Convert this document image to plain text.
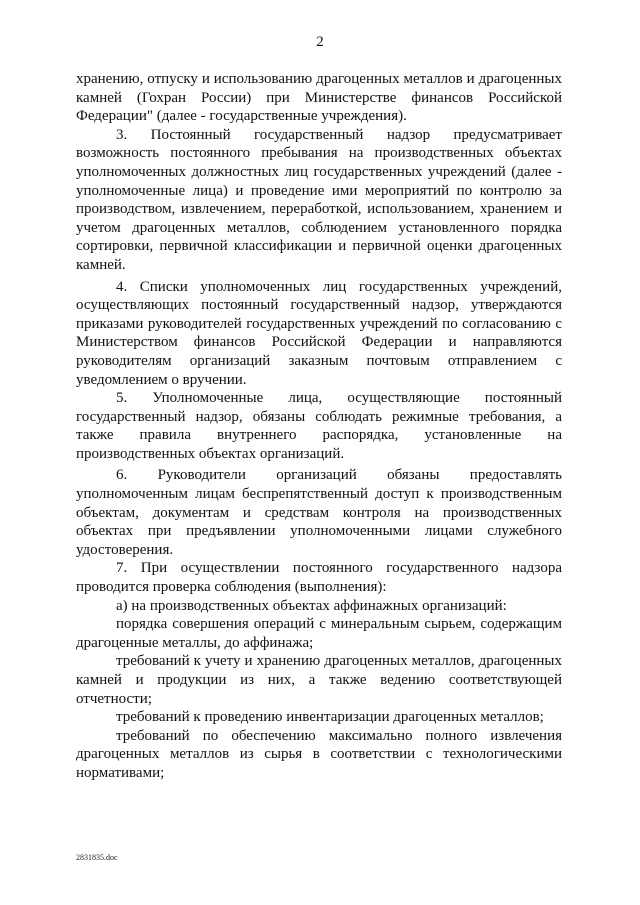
2

хранению, отпуску и использованию драгоценных металлов и драгоценных камней (Гохран России) при Министерстве финансов Российской Федерации" (далее - государственные учреждения).

3. Постоянный государственный надзор предусматривает возможность постоянного пребывания на производственных объектах уполномоченных должностных лиц государственных учреждений (далее - уполномоченные лица) и проведение ими мероприятий по контролю за производством, извлечением, переработкой, использованием, хранением и учетом драгоценных металлов, соблюдением установленного порядка сортировки, первичной классификации и первичной оценки драгоценных камней.

4. Списки уполномоченных лиц государственных учреждений, осуществляющих постоянный государственный надзор, утверждаются приказами руководителей государственных учреждений по согласованию с Министерством финансов Российской Федерации и направляются руководителям организаций заказным почтовым отправлением с уведомлением о вручении.

5. Уполномоченные лица, осуществляющие постоянный государственный надзор, обязаны соблюдать режимные требования, а также правила внутреннего распорядка, установленные на производственных объектах организаций.

6. Руководители организаций обязаны предоставлять уполномоченным лицам беспрепятственный доступ к производственным объектам, документам и средствам контроля на производственных объектах при предъявлении уполномоченными лицами служебного удостоверения.

7. При осуществлении постоянного государственного надзора проводится проверка соблюдения (выполнения):

а) на производственных объектах аффинажных организаций:

порядка совершения операций с минеральным сырьем, содержащим драгоценные металлы, до аффинажа;

требований к учету и хранению драгоценных металлов, драгоценных камней и продукции из них, а также ведению соответствующей отчетности;

требований к проведению инвентаризации драгоценных металлов;

требований по обеспечению максимально полного извлечения драгоценных металлов из сырья в соответствии с технологическими нормативами;

2831835.doc
